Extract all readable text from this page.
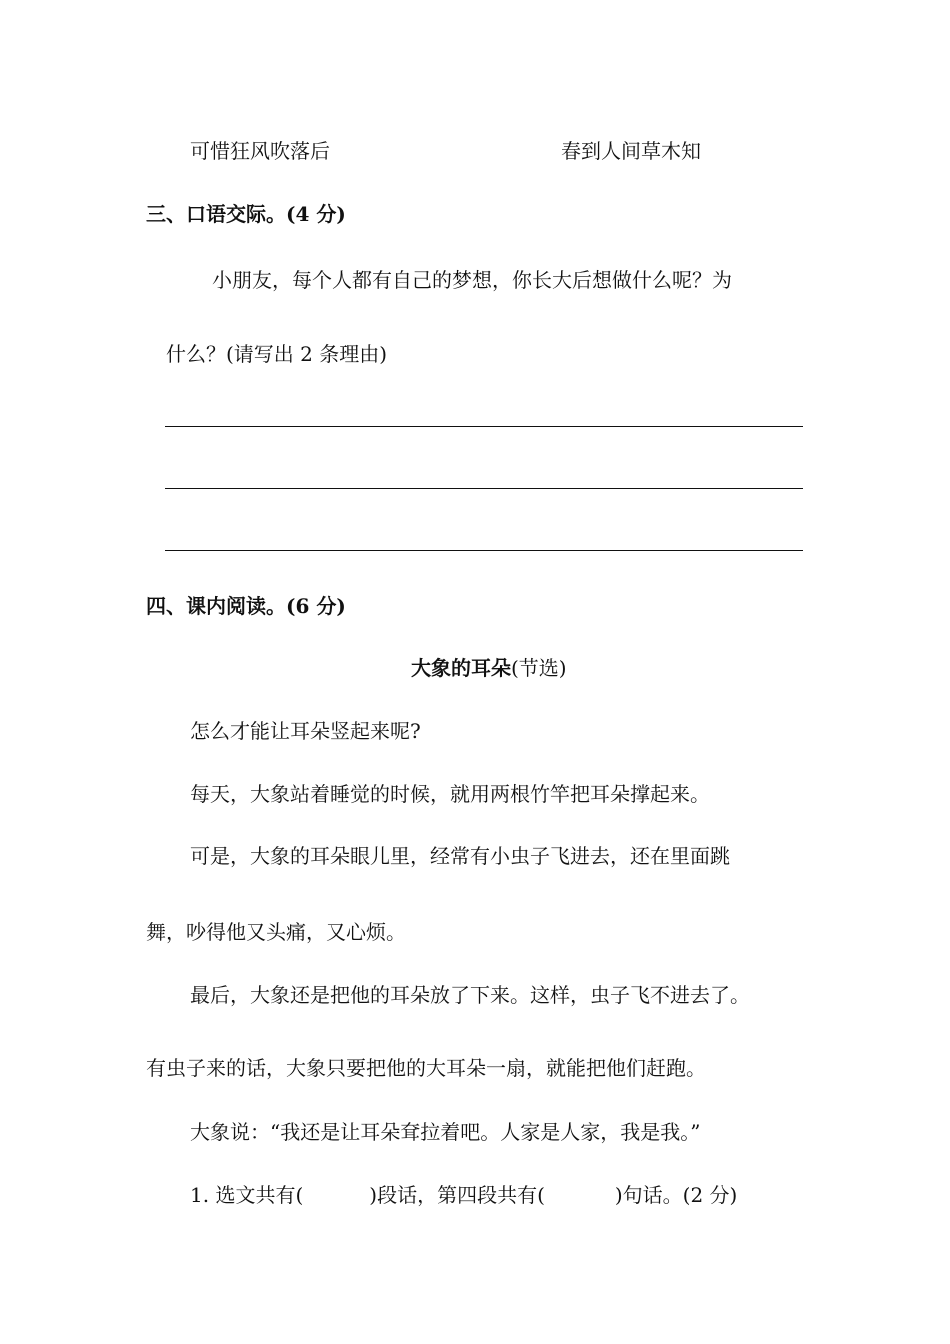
可惜狂风吹落后	春到人间草木知
三、口语交际。(4 分)
小朋友，每个人都有自己的梦想，你长大后想做什么呢？为
什么？(请写出 2 条理由)
四、课内阅读。(6 分)
大象的耳朵(节选)
怎么才能让耳朵竖起来呢?
每天，大象站着睡觉的时候，就用两根竹竿把耳朵撑起来。
可是，大象的耳朵眼儿里，经常有小虫子飞进去，还在里面跳
舞，吵得他又头痛，又心烦。
最后，大象还是把他的耳朵放了下来。这样，虫子飞不进去了。
有虫子来的话，大象只要把他的大耳朵一扇，就能把他们赶跑。
大象说：“我还是让耳朵耷拉着吧。人家是人家，我是我。”
1. 选文共有(	)段话，第四段共有(	)句话。(2 分)
